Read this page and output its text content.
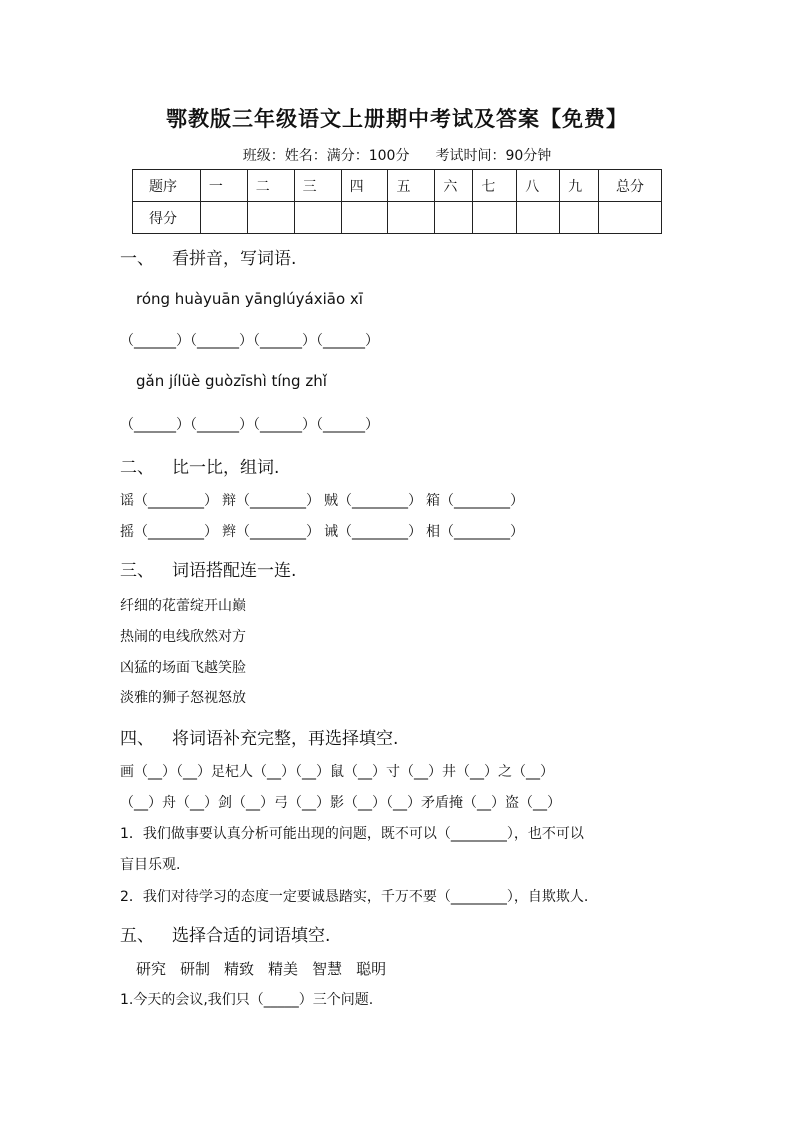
鄂教版三年级语文上册期中考试及答案【免费】
班级：姓名：满分：100分 考试时间：90分钟
题序	一	二	三	四	五	六	七	八	九	总分
得分										
一、 看拼音，写词语.
róng huàyuān yānglúyáxiāo xī
（______）（______）（______）（______）
gǎn jílüè guòzīshì tíng zhǐ
（______）（______）（______）（______）
二、 比一比，组词.
谣（________） 辩（________） 贼（________） 箱（________）
摇（________） 辫（________） 诫（________） 相（________）
三、 词语搭配连一连.
纤细的花蕾绽开山巅
热闹的电线欣然对方
凶猛的场面飞越笑脸
淡雅的狮子怒视怒放
四、 将词语补充完整，再选择填空.
画（__）（__）足杞人（__）（__）鼠（__）寸（__）井（__）之（__）
（__）舟（__）剑（__）弓（__）影（__）（__）矛盾掩（__）盗（__）
1．我们做事要认真分析可能出现的问题，既不可以（________），也不可以
盲目乐观.
2．我们对待学习的态度一定要诚恳踏实，千万不要（________），自欺欺人.
五、 选择合适的词语填空.
研究 研制 精致 精美 智慧 聪明
1.今天的会议,我们只（_____）三个问题.
